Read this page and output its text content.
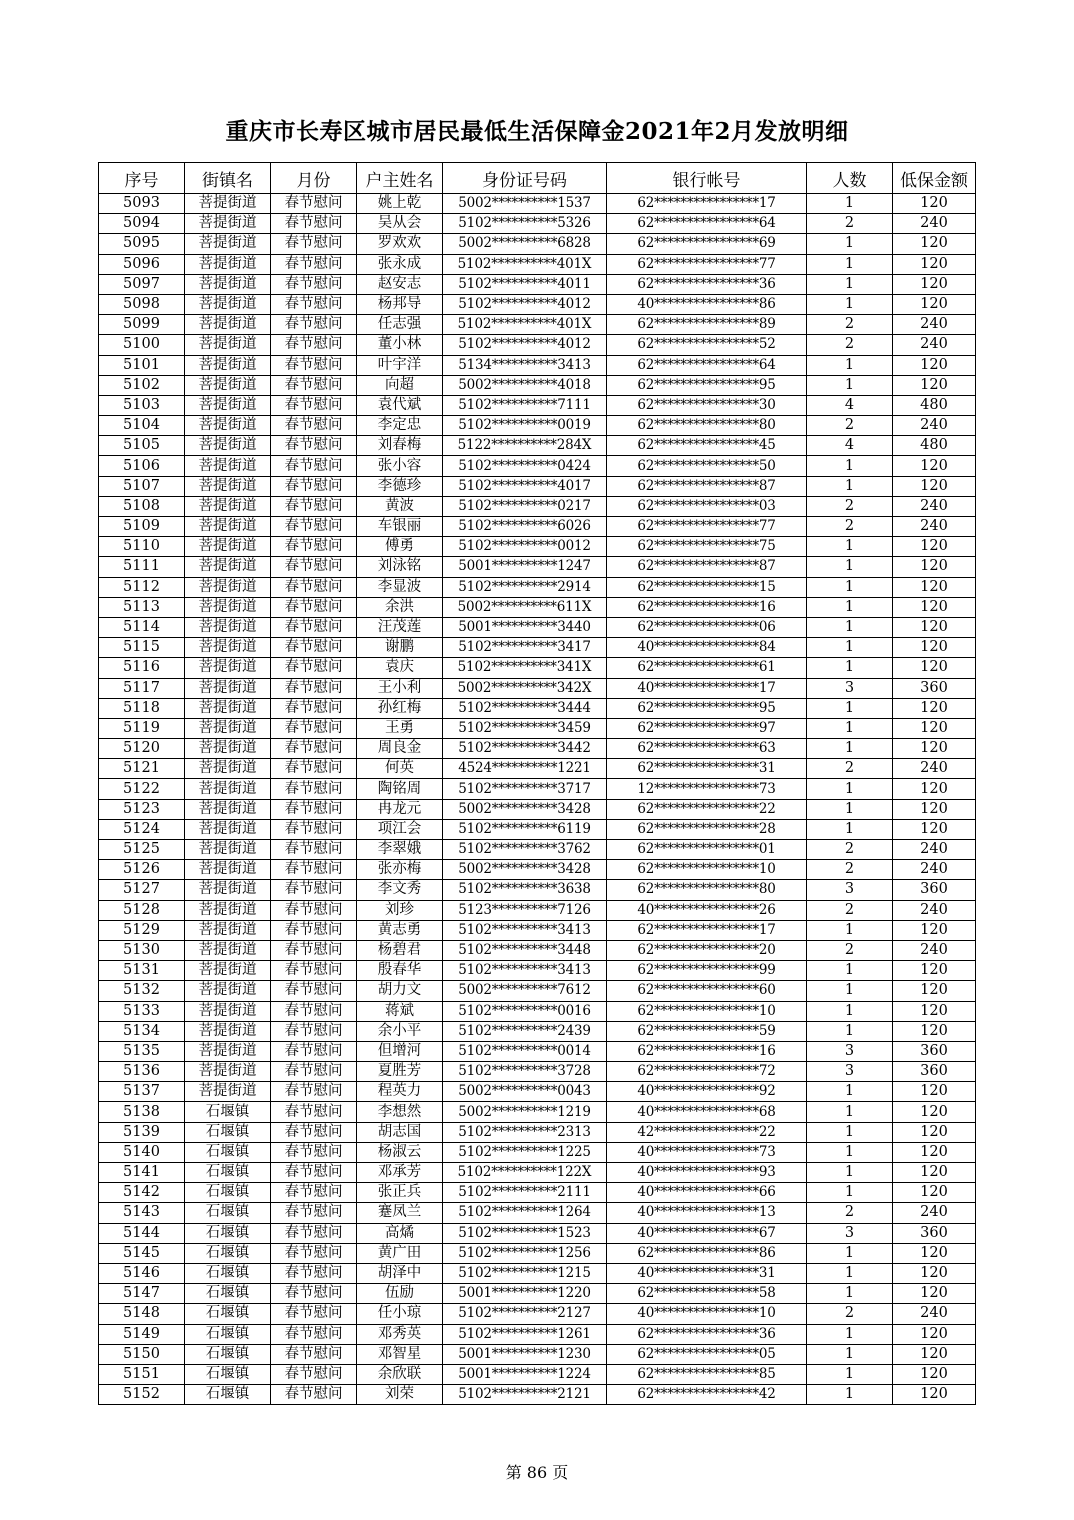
重庆市长寿区城市居民最低生活保障金2021年2月发放明细
序号	街镇名	月份	户主姓名	身份证号码	银行帐号	人数	低保金额
5093	菩提街道	春节慰问	姚上乾	5002**********1537	62****************17	1	120
5094	菩提街道	春节慰问	吴从会	5102**********5326	62****************64	2	240
5095	菩提街道	春节慰问	罗欢欢	5002**********6828	62****************69	1	120
5096	菩提街道	春节慰问	张永成	5102**********401X	62****************77	1	120
5097	菩提街道	春节慰问	赵安志	5102**********4011	62****************36	1	120
5098	菩提街道	春节慰问	杨邦导	5102**********4012	40****************86	1	120
5099	菩提街道	春节慰问	任志强	5102**********401X	62****************89	2	240
5100	菩提街道	春节慰问	董小林	5102**********4012	62****************52	2	240
5101	菩提街道	春节慰问	叶宇洋	5134**********3413	62****************64	1	120
5102	菩提街道	春节慰问	向超	5002**********4018	62****************95	1	120
5103	菩提街道	春节慰问	袁代斌	5102**********7111	62****************30	4	480
5104	菩提街道	春节慰问	李定忠	5102**********0019	62****************80	2	240
5105	菩提街道	春节慰问	刘春梅	5122**********284X	62****************45	4	480
5106	菩提街道	春节慰问	张小容	5102**********0424	62****************50	1	120
5107	菩提街道	春节慰问	李德珍	5102**********4017	62****************87	1	120
5108	菩提街道	春节慰问	黄波	5102**********0217	62****************03	2	240
5109	菩提街道	春节慰问	车银丽	5102**********6026	62****************77	2	240
5110	菩提街道	春节慰问	傅勇	5102**********0012	62****************75	1	120
5111	菩提街道	春节慰问	刘泳铭	5001**********1247	62****************87	1	120
5112	菩提街道	春节慰问	李显波	5102**********2914	62****************15	1	120
5113	菩提街道	春节慰问	余洪	5002**********611X	62****************16	1	120
5114	菩提街道	春节慰问	汪茂莲	5001**********3440	62****************06	1	120
5115	菩提街道	春节慰问	谢鹏	5102**********3417	40****************84	1	120
5116	菩提街道	春节慰问	袁庆	5102**********341X	62****************61	1	120
5117	菩提街道	春节慰问	王小利	5002**********342X	40****************17	3	360
5118	菩提街道	春节慰问	孙红梅	5102**********3444	62****************95	1	120
5119	菩提街道	春节慰问	王勇	5102**********3459	62****************97	1	120
5120	菩提街道	春节慰问	周良金	5102**********3442	62****************63	1	120
5121	菩提街道	春节慰问	何英	4524**********1221	62****************31	2	240
5122	菩提街道	春节慰问	陶铭周	5102**********3717	12****************73	1	120
5123	菩提街道	春节慰问	冉龙元	5002**********3428	62****************22	1	120
5124	菩提街道	春节慰问	项江会	5102**********6119	62****************28	1	120
5125	菩提街道	春节慰问	李翠娥	5102**********3762	62****************01	2	240
5126	菩提街道	春节慰问	张亦梅	5002**********3428	62****************10	2	240
5127	菩提街道	春节慰问	李文秀	5102**********3638	62****************80	3	360
5128	菩提街道	春节慰问	刘珍	5123**********7126	40****************26	2	240
5129	菩提街道	春节慰问	黄志勇	5102**********3413	62****************17	1	120
5130	菩提街道	春节慰问	杨碧君	5102**********3448	62****************20	2	240
5131	菩提街道	春节慰问	殷春华	5102**********3413	62****************99	1	120
5132	菩提街道	春节慰问	胡力文	5002**********7612	62****************60	1	120
5133	菩提街道	春节慰问	蒋斌	5102**********0016	62****************10	1	120
5134	菩提街道	春节慰问	余小平	5102**********2439	62****************59	1	120
5135	菩提街道	春节慰问	但增河	5102**********0014	62****************16	3	360
5136	菩提街道	春节慰问	夏胜芳	5102**********3728	62****************72	3	360
5137	菩提街道	春节慰问	程英力	5002**********0043	40****************92	1	120
5138	石堰镇	春节慰问	李想然	5002**********1219	40****************68	1	120
5139	石堰镇	春节慰问	胡志国	5102**********2313	42****************22	1	120
5140	石堰镇	春节慰问	杨淑云	5102**********1225	40****************73	1	120
5141	石堰镇	春节慰问	邓承芳	5102**********122X	40****************93	1	120
5142	石堰镇	春节慰问	张正兵	5102**********2111	40****************66	1	120
5143	石堰镇	春节慰问	蹇凤兰	5102**********1264	40****************13	2	240
5144	石堰镇	春节慰问	高燏	5102**********1523	40****************67	3	360
5145	石堰镇	春节慰问	黄广田	5102**********1256	62****************86	1	120
5146	石堰镇	春节慰问	胡泽中	5102**********1215	40****************31	1	120
5147	石堰镇	春节慰问	伍励	5001**********1220	62****************58	1	120
5148	石堰镇	春节慰问	任小琼	5102**********2127	40****************10	2	240
5149	石堰镇	春节慰问	邓秀英	5102**********1261	62****************36	1	120
5150	石堰镇	春节慰问	邓智星	5001**********1230	62****************05	1	120
5151	石堰镇	春节慰问	余欣联	5001**********1224	62****************85	1	120
5152	石堰镇	春节慰问	刘荣	5102**********2121	62****************42	1	120
第 86 页
